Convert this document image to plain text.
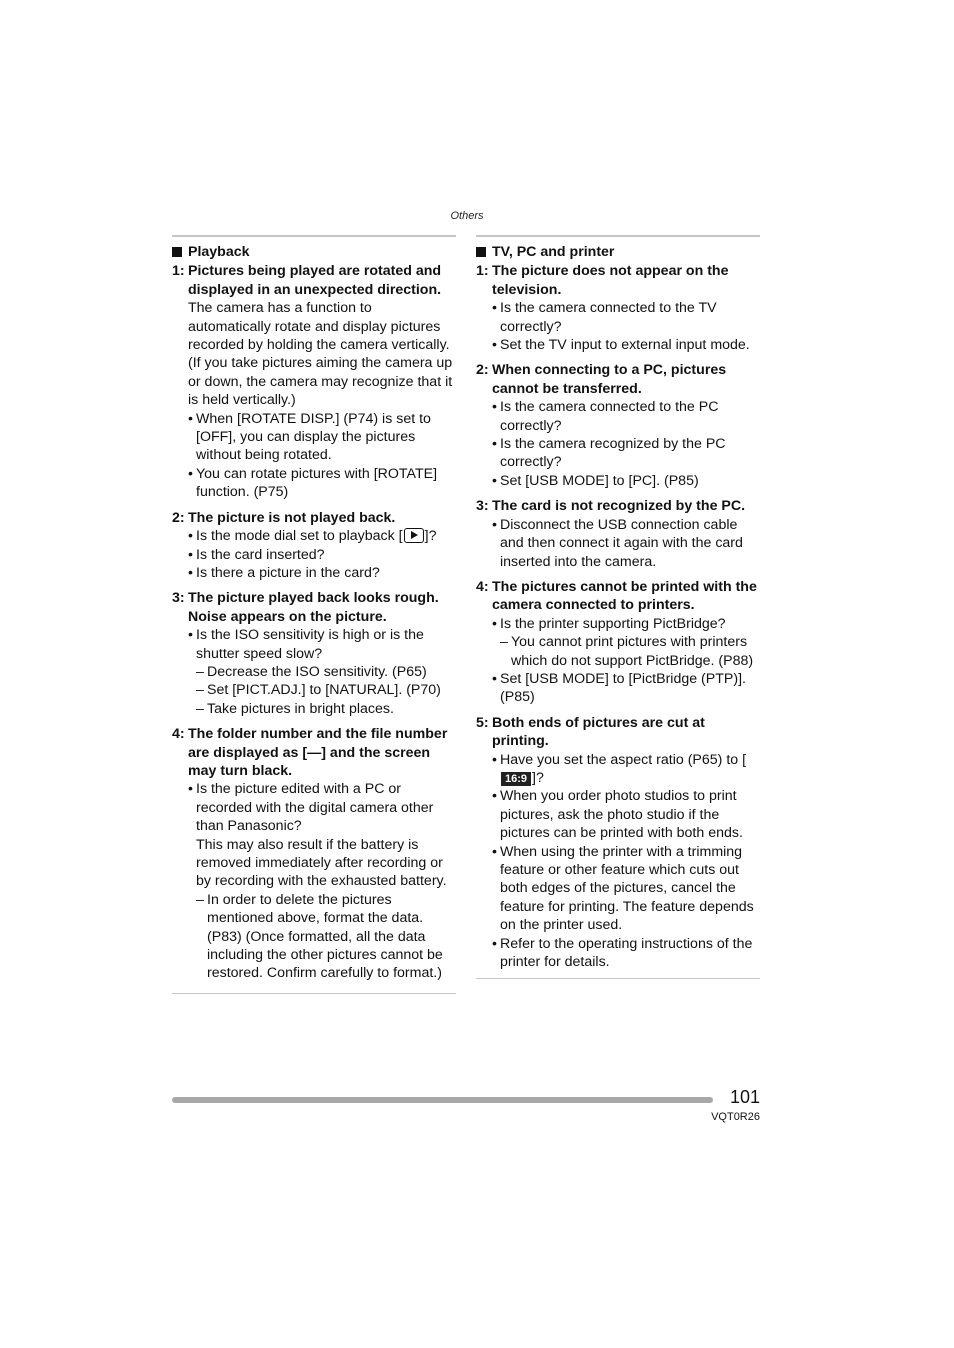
Others
Playback
1: Pictures being played are rotated and displayed in an unexpected direction.

The camera has a function to automatically rotate and display pictures recorded by holding the camera vertically.

(If you take pictures aiming the camera up or down, the camera may recognize that it is held vertically.)

• When [ROTATE DISP.] (P74) is set to [OFF], you can display the pictures without being rotated.
• You can rotate pictures with [ROTATE] function. (P75)
2: The picture is not played back.
• Is the mode dial set to playback [ ]?
• Is the card inserted?
• Is there a picture in the card?
3: The picture played back looks rough. Noise appears on the picture.
• Is the ISO sensitivity is high or is the shutter speed slow?
– Decrease the ISO sensitivity. (P65)
– Set [PICT.ADJ.] to [NATURAL]. (P70)
– Take pictures in bright places.
4: The folder number and the file number are displayed as [—] and the screen may turn black.
• Is the picture edited with a PC or recorded with the digital camera other than Panasonic?
This may also result if the battery is removed immediately after recording or by recording with the exhausted battery.
– In order to delete the pictures mentioned above, format the data. (P83) (Once formatted, all the data including the other pictures cannot be restored. Confirm carefully to format.)
TV, PC and printer
1: The picture does not appear on the television.
• Is the camera connected to the TV correctly?
• Set the TV input to external input mode.
2: When connecting to a PC, pictures cannot be transferred.
• Is the camera connected to the PC correctly?
• Is the camera recognized by the PC correctly?
• Set [USB MODE] to [PC]. (P85)
3: The card is not recognized by the PC.
• Disconnect the USB connection cable and then connect it again with the card inserted into the camera.
4: The pictures cannot be printed with the camera connected to printers.
• Is the printer supporting PictBridge?
– You cannot print pictures with printers which do not support PictBridge. (P88)
• Set [USB MODE] to [PictBridge (PTP)]. (P85)
5: Both ends of pictures are cut at printing.
• Have you set the aspect ratio (P65) to [16:9 ]?
• When you order photo studios to print pictures, ask the photo studio if the pictures can be printed with both ends.
• When using the printer with a trimming feature or other feature which cuts out both edges of the pictures, cancel the feature for printing. The feature depends on the printer used.
• Refer to the operating instructions of the printer for details.
101
VQT0R26
